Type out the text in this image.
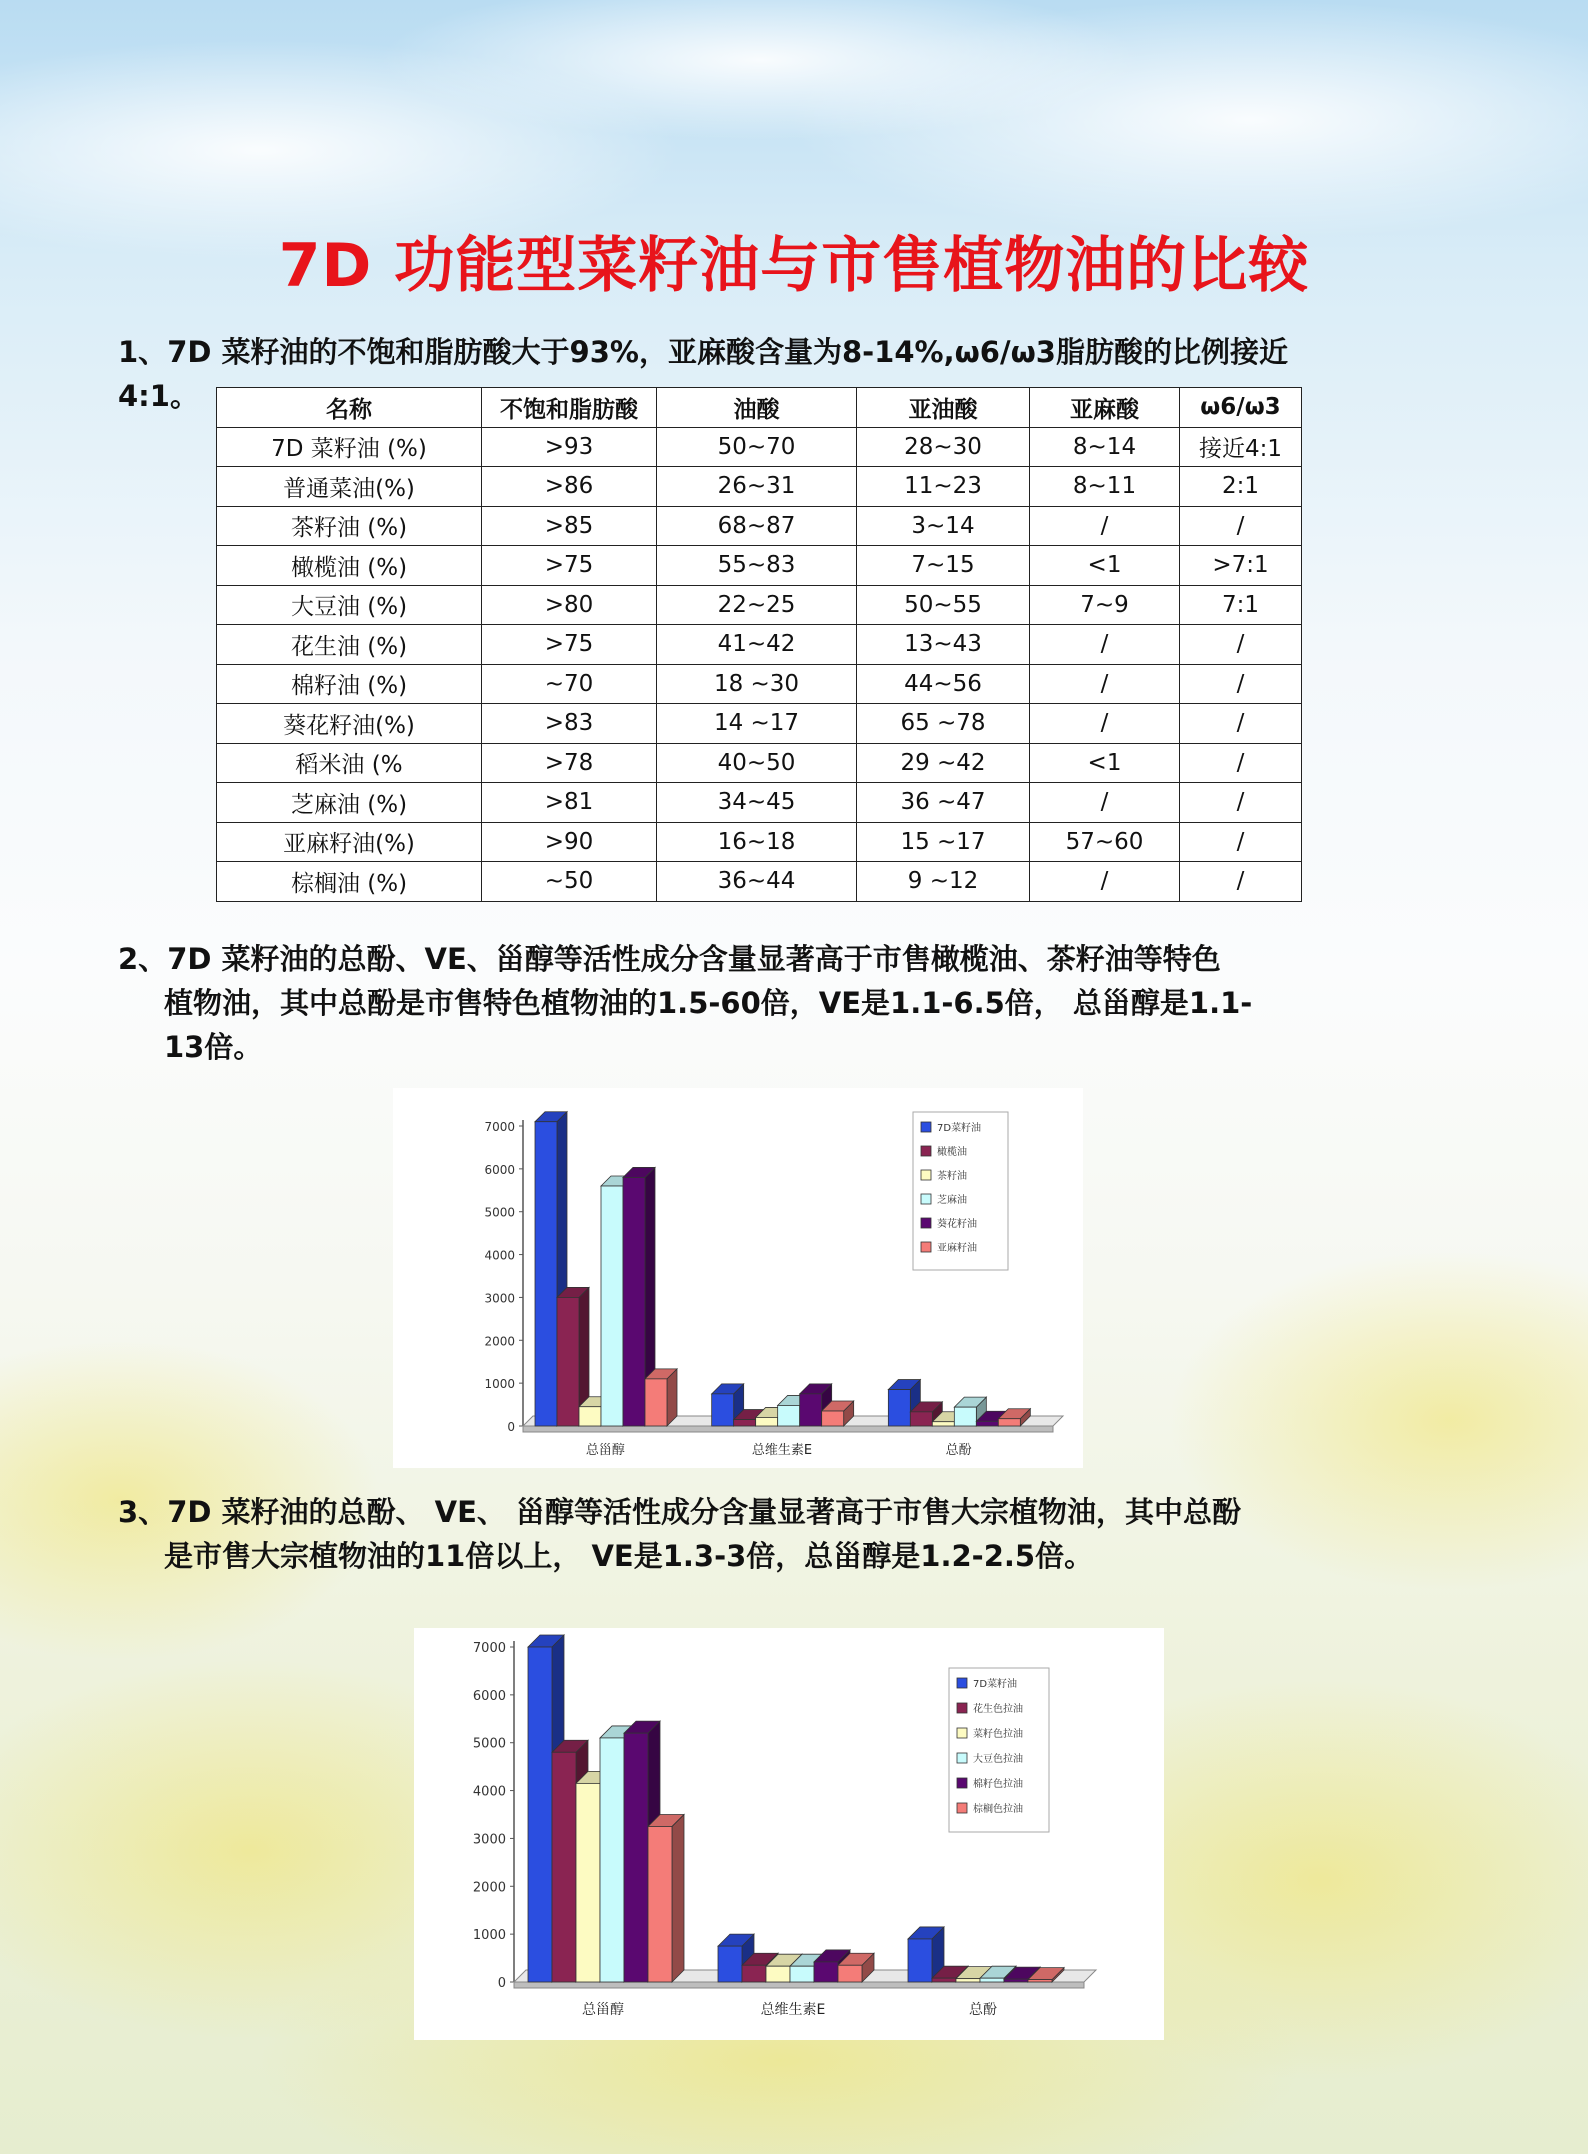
7D 功能型菜籽油与市售植物油的比较
1、7D 菜籽油的不饱和脂肪酸大于93%，亚麻酸含量为8-14%,ω6/ω3脂肪酸的比例接近4:1。	名称	不饱和脂肪酸	油酸	亚油酸	亚麻酸	ω6/ω3
7D 菜籽油 (%)	>93	50~70	28~30	8~14	接近4:1
普通菜油(%)	>86	26~31	11~23	8~11	2:1
茶籽油 (%)	>85	68~87	3~14	/	/
橄榄油 (%)	>75	55~83	7~15	<1	>7:1
大豆油 (%)	>80	22~25	50~55	7~9	7:1
花生油 (%)	>75	41~42	13~43	/	/
棉籽油 (%)	~70	18 ~30	44~56	/	/
葵花籽油(%)	>83	14 ~17	65 ~78	/	/
稻米油 (%	>78	40~50	29 ~42	<1	/
芝麻油 (%)	>81	34~45	36 ~47	/	/
亚麻籽油(%)	>90	16~18	15 ~17	57~60	/
棕榈油 (%)	~50	36~44	9 ~12	/	/
2、7D 菜籽油的总酚、VE、甾醇等活性成分含量显著高于市售橄榄油、茶籽油等特色
植物油，其中总酚是市售特色植物油的1.5-60倍，VE是1.1-6.5倍， 总甾醇是1.1-
13倍。
0
1000
2000
3000
4000
5000
6000
7000
总甾醇	总维生素E	总酚
7D菜籽油
橄榄油
茶籽油
芝麻油
葵花籽油
亚麻籽油
3、7D 菜籽油的总酚、 VE、 甾醇等活性成分含量显著高于市售大宗植物油，其中总酚
是市售大宗植物油的11倍以上， VE是1.3-3倍，总甾醇是1.2-2.5倍。
0
1000
2000
3000
4000
5000
6000
7000
总甾醇	总维生素E	总酚
7D菜籽油
花生色拉油
菜籽色拉油
大豆色拉油
棉籽色拉油
棕榈色拉油
